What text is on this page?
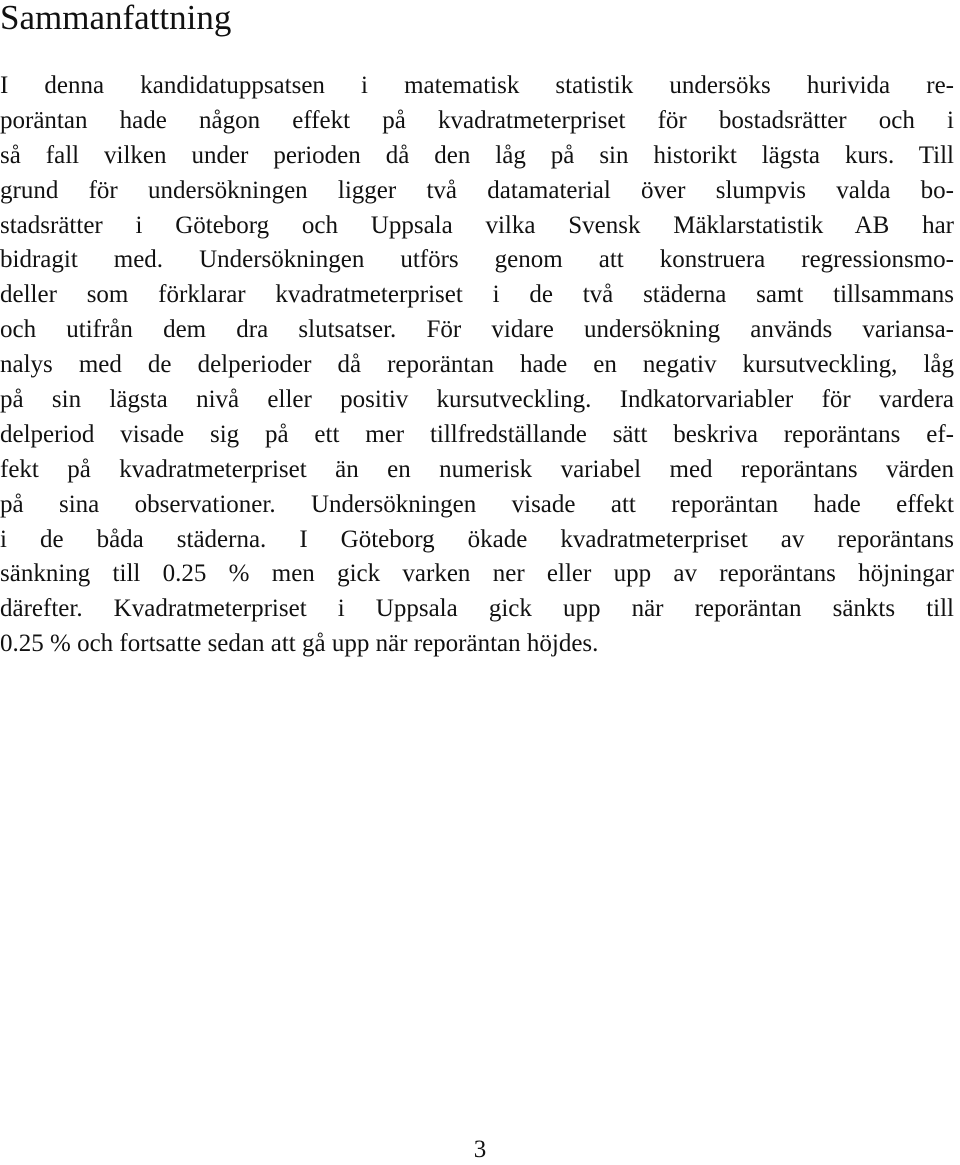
Sammanfattning
I denna kandidatuppsatsen i matematisk statistik undersöks hurivida re-
poräntan hade någon effekt på kvadratmeterpriset för bostadsrätter och i
så fall vilken under perioden då den låg på sin historikt lägsta kurs. Till
grund för undersökningen ligger två datamaterial över slumpvis valda bo-
stadsrätter i Göteborg och Uppsala vilka Svensk Mäklarstatistik AB har
bidragit med. Undersökningen utförs genom att konstruera regressionsmo-
deller som förklarar kvadratmeterpriset i de två städerna samt tillsammans
och utifrån dem dra slutsatser. För vidare undersökning används variansa-
nalys med de delperioder då reporäntan hade en negativ kursutveckling, låg
på sin lägsta nivå eller positiv kursutveckling. Indkatorvariabler för vardera
delperiod visade sig på ett mer tillfredställande sätt beskriva reporäntans ef-
fekt på kvadratmeterpriset än en numerisk variabel med reporäntans värden
på sina observationer. Undersökningen visade att reporäntan hade effekt
i de båda städerna. I Göteborg ökade kvadratmeterpriset av reporäntans
sänkning till 0.25 % men gick varken ner eller upp av reporäntans höjningar
därefter. Kvadratmeterpriset i Uppsala gick upp när reporäntan sänkts till
0.25 % och fortsatte sedan att gå upp när reporäntan höjdes.
3
